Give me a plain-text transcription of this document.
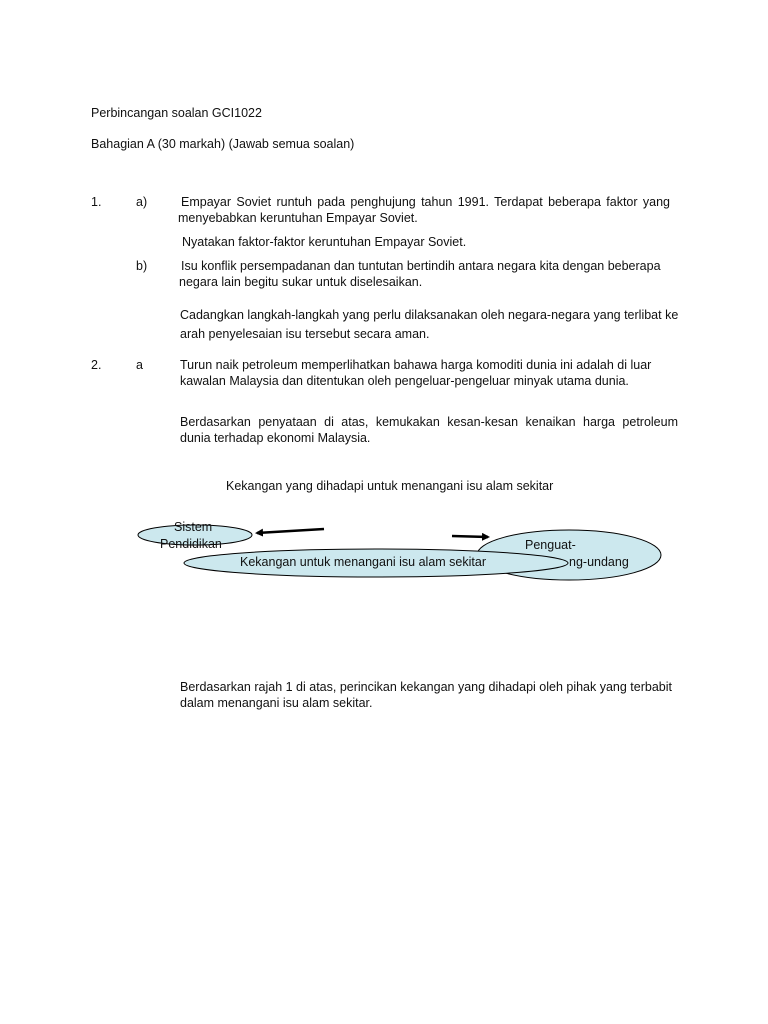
Perbincangan soalan GCI1022
Bahagian A (30 markah) (Jawab semua soalan)
1.	a)	Empayar Soviet runtuh pada penghujung tahun 1991. Terdapat beberapa faktor yang menyebabkan keruntuhan Empayar Soviet.
Nyatakan faktor-faktor keruntuhan Empayar Soviet.
b)	Isu konflik persempadanan dan tuntutan bertindih antara negara kita dengan beberapa negara lain begitu sukar untuk diselesaikan.
Cadangkan langkah-langkah yang perlu dilaksanakan oleh negara-negara yang terlibat ke arah penyelesaian isu tersebut secara aman.
2.	a	Turun naik petroleum memperlihatkan bahawa harga komoditi dunia ini adalah di luar kawalan Malaysia dan ditentukan oleh pengeluar-pengeluar minyak utama dunia.
Berdasarkan penyataan di atas, kemukakan kesan-kesan kenaikan harga petroleum dunia terhadap ekonomi Malaysia.
Kekangan yang dihadapi untuk menangani isu alam sekitar
Sistem
Pendidikan
Kekangan untuk menangani isu alam sekitar
Penguat-
ng-undang
Berdasarkan rajah 1 di atas, perincikan kekangan yang dihadapi oleh pihak yang terbabit dalam menangani isu alam sekitar.
